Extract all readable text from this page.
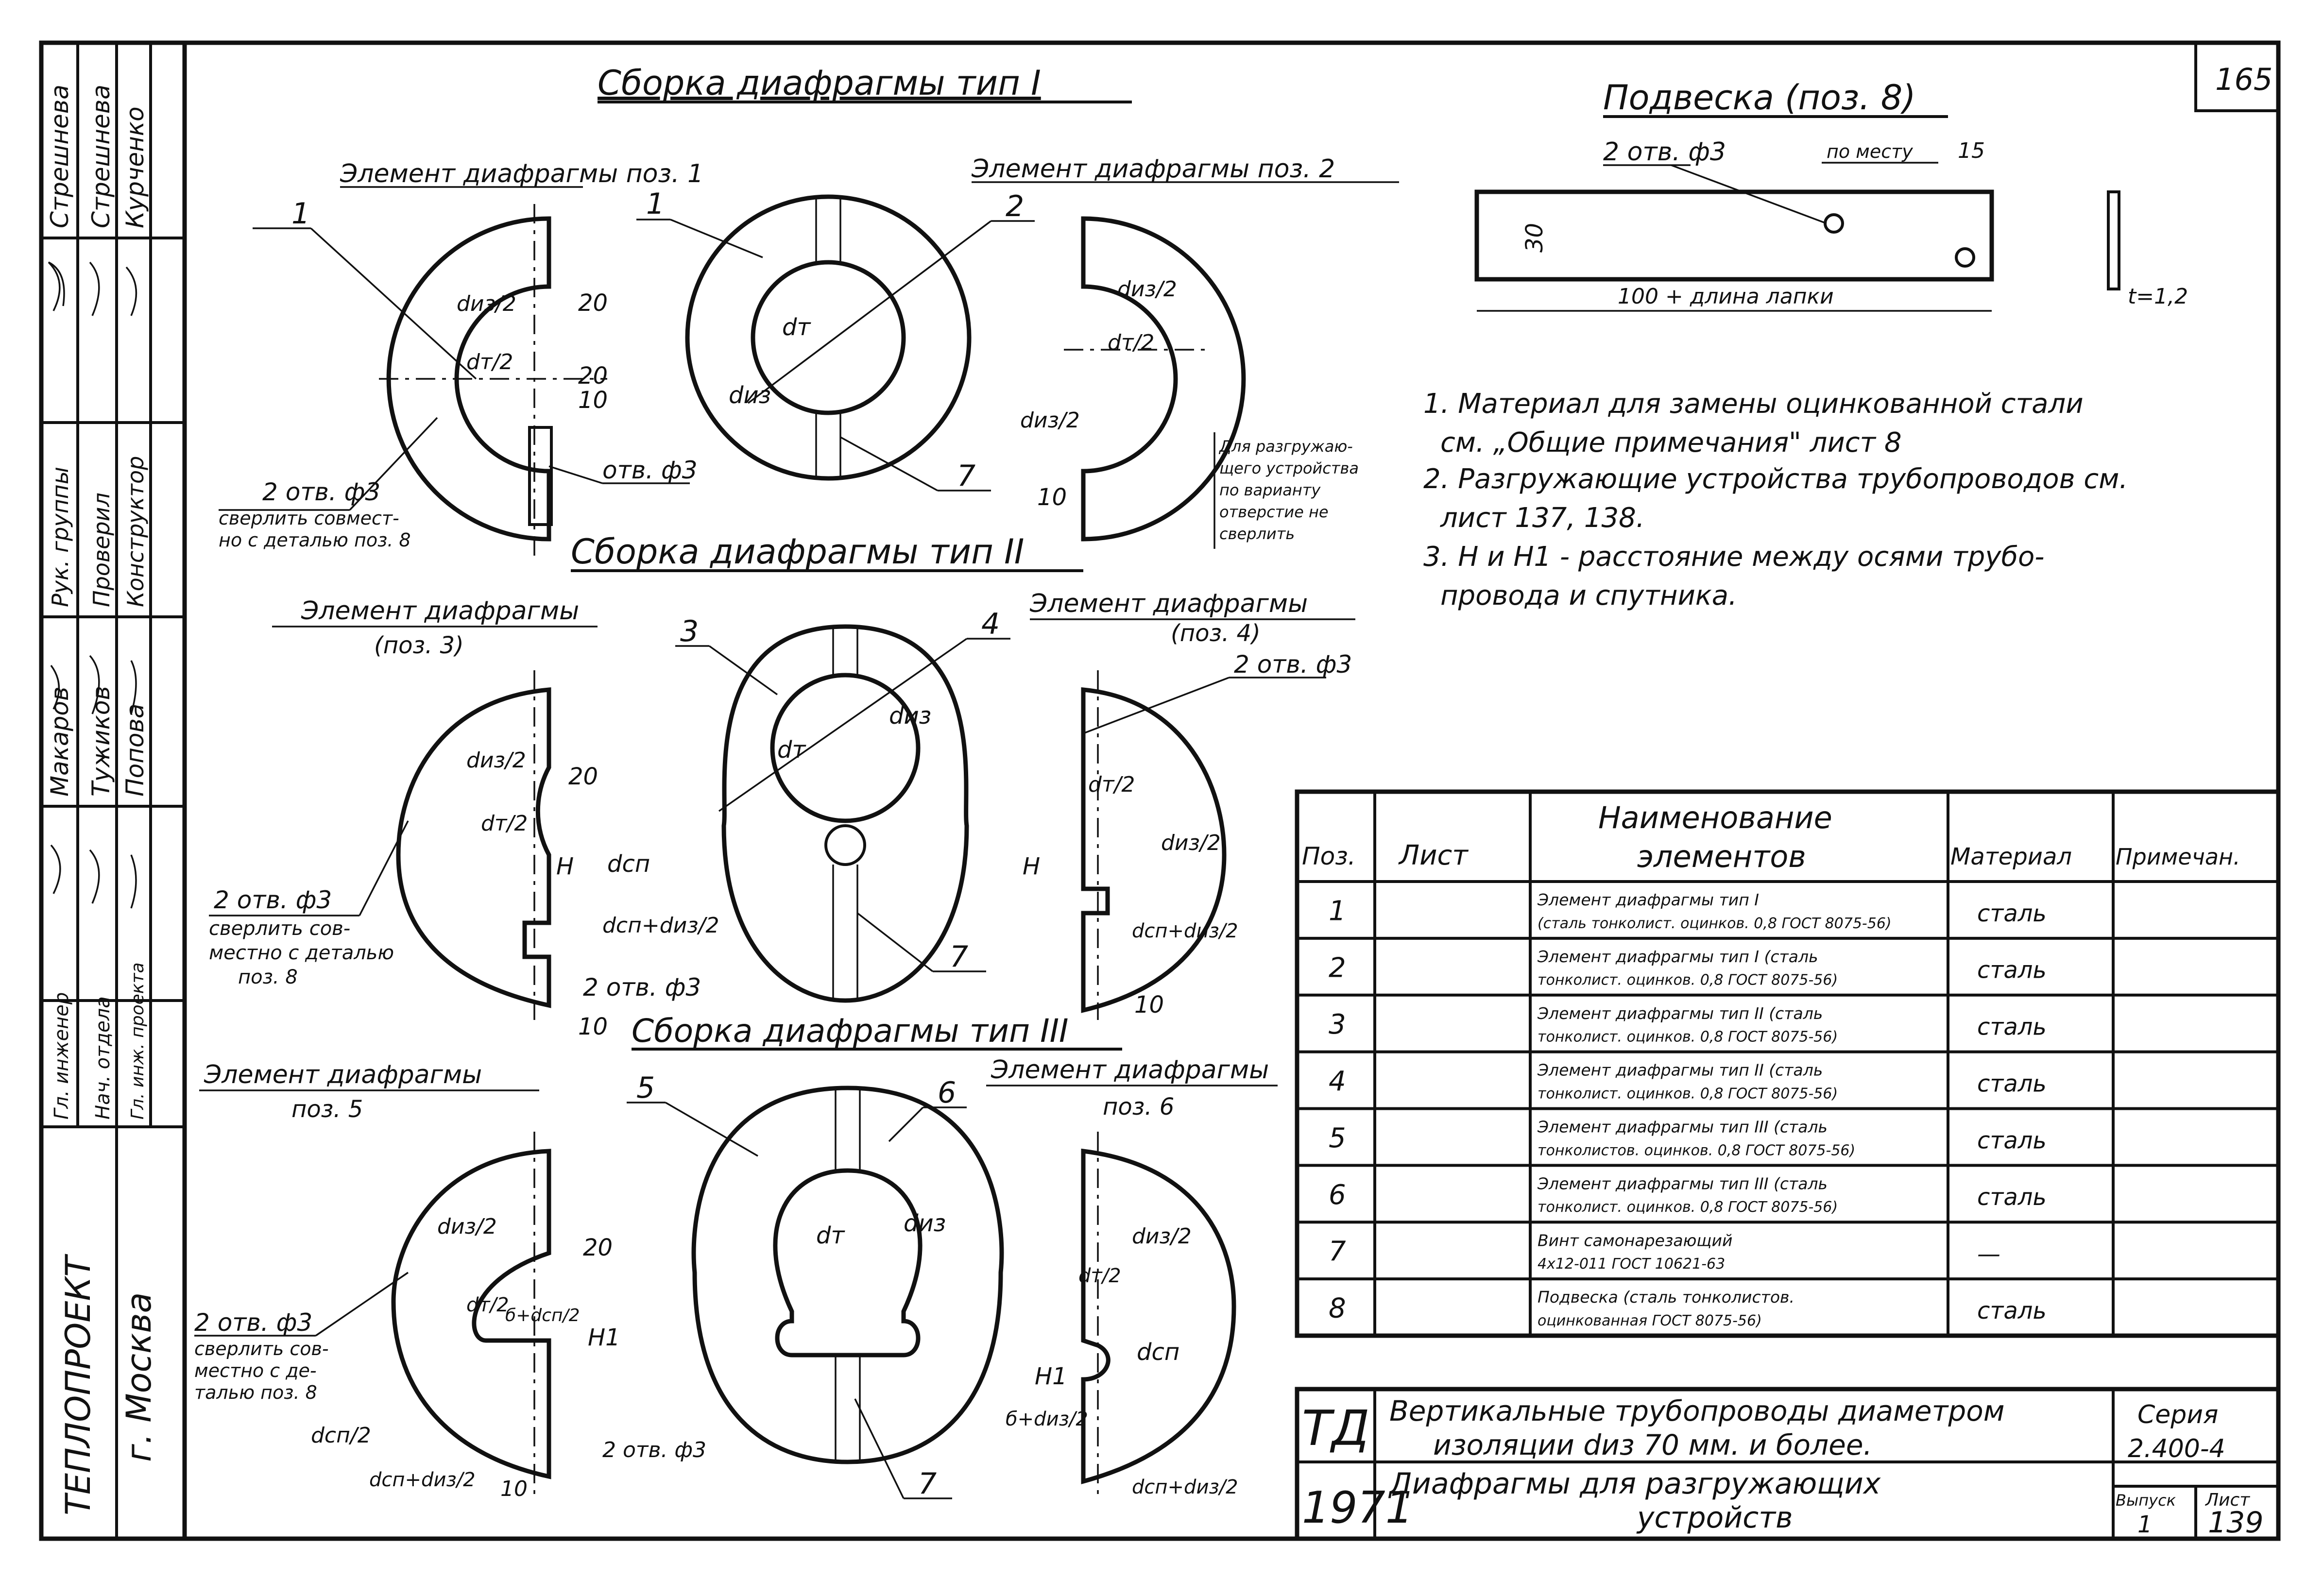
165
Стрешнева Стрешнева Курченко
Рук. группы Проверил Конструктор
Макаров Тужиков Попова
Гл. инженер Нач. отдела Гл. инж. проекта
ТЕПЛОПРОЕКТ г. Москва
Сборка диафрагмы тип I
Сборка диафрагмы тип II
Сборка диафрагмы тип III
Подвеска (поз. 8)
Элемент диафрагмы поз. 1	Элемент диафрагмы поз. 2
1
dиз/2
dт/2
20
20
10
отв. ф3
2 отв. ф3
сверлить совмест-
но с деталью поз. 8
1	2
dт
dиз
7
dиз/2
dт/2
dиз/2
10
Для разгружаю-
щего устройства
по варианту
отверстие не
сверлить
2 отв. ф3	по месту 15
30
100 + длина лапки	t=1,2
1. Материал для замены оцинкованной стали
см. „Общие примечания" лист 8
2. Разгружающие устройства трубопроводов см.
лист 137, 138.
3. H и H1 - расстояние между осями трубо-
провода и спутника.
Элемент диафрагмы
(поз. 3)
Элемент диафрагмы
(поз. 4)
dиз/2
dт/2
20
H dсп
dсп+dиз/2
2 отв. ф3
10
2 отв. ф3
сверлить сов-
местно с деталью
поз. 8
3	4
dт
dиз
7
2 отв. ф3
dт/2
dиз/2
H
dсп+dиз/2
10
Элемент диафрагмы
поз. 5
Элемент диафрагмы
поз. 6
dиз/2
20
dт/2
б+dсп/2
H1
2 отв. ф3
сверлить сов-
местно с де-
талью поз. 8
dсп/2
dсп+dиз/2 10
2 отв. ф3
5	6
dт	dиз
7
dиз/2
dт/2
H1
dсп
б+dиз/2
dсп+dиз/2
Поз. Лист
Наименование
элементов	Материал Примечан.
1	Элемент диафрагмы тип I
(сталь тонколист. оцинков. 0,8 ГОСТ 8075-56)	сталь
2	Элемент диафрагмы тип I (сталь
тонколист. оцинков. 0,8 ГОСТ 8075-56)	сталь
3	Элемент диафрагмы тип II (сталь
тонколист. оцинков. 0,8 ГОСТ 8075-56)	сталь
4	Элемент диафрагмы тип II (сталь
тонколист. оцинков. 0,8 ГОСТ 8075-56)	сталь
5	Элемент диафрагмы тип III (сталь
тонколистов. оцинков. 0,8 ГОСТ 8075-56)	сталь
6	Элемент диафрагмы тип III (сталь
тонколист. оцинков. 0,8 ГОСТ 8075-56)	сталь
7	Винт самонарезающий
4x12-011 ГОСТ 10621-63	—
8	Подвеска (сталь тонколистов.
оцинкованная ГОСТ 8075-56)	сталь
ТД
1971
Вертикальные трубопроводы диаметром
изоляции dиз 70 мм. и более.
Диафрагмы для разгружающих
устройств
Серия
2.400-4
Выпуск
1
Лист
139
